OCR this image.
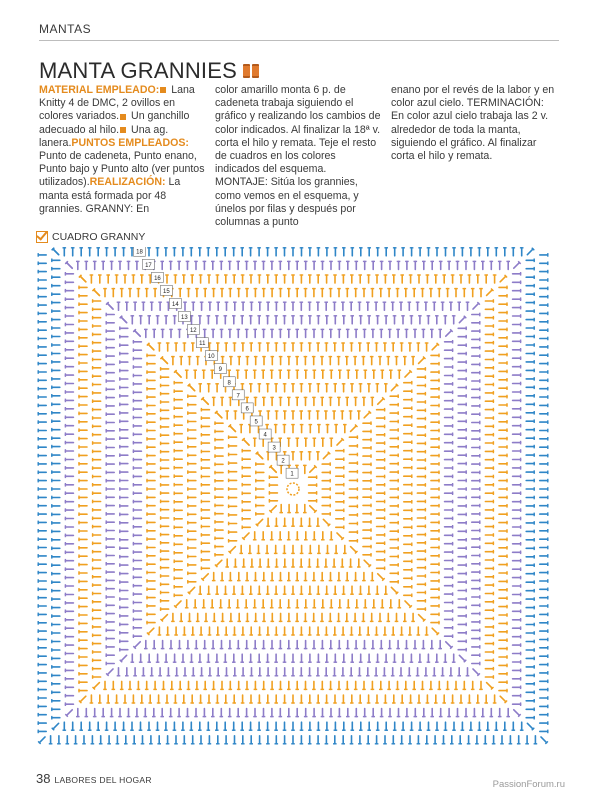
MANTAS
MANTA GRANNIES

MATERIAL EMPLEADO: Lana Knitty 4 de DMC, 2 ovillos en colores variados. Un ganchillo adecuado al hilo. Una ag. lanera.PUNTOS EMPLEADOS: Punto de cadeneta, Punto enano, Punto bajo y Punto alto (ver puntos utilizados).REALIZACIÓN: La manta está formada por 48 grannies. GRANNY: En

color amarillo monta 6 p. de cadeneta trabaja siguiendo el gráfico y realizando los cambios de color indicados. Al finalizar la 18ª v. corta el hilo y remata. Teje el resto de cuadros en los colores indicados del esquema. MONTAJE: Sitúa los grannies, como vemos en el esquema, y únelos por filas y después por columnas a punto

enano por el revés de la labor y en color azul cielo. TERMINACIÓN: En color azul cielo trabaja las 2 v. alrededor de toda la manta, siguiendo el gráfico. Al finalizar corta el hilo y remata.

CUADRO GRANNY
18
17
16
15
14
13
12
11
10
9
8
7
6
5
4
3
2
1
38 LABORES DEL HOGAR	PassionForum.ru
